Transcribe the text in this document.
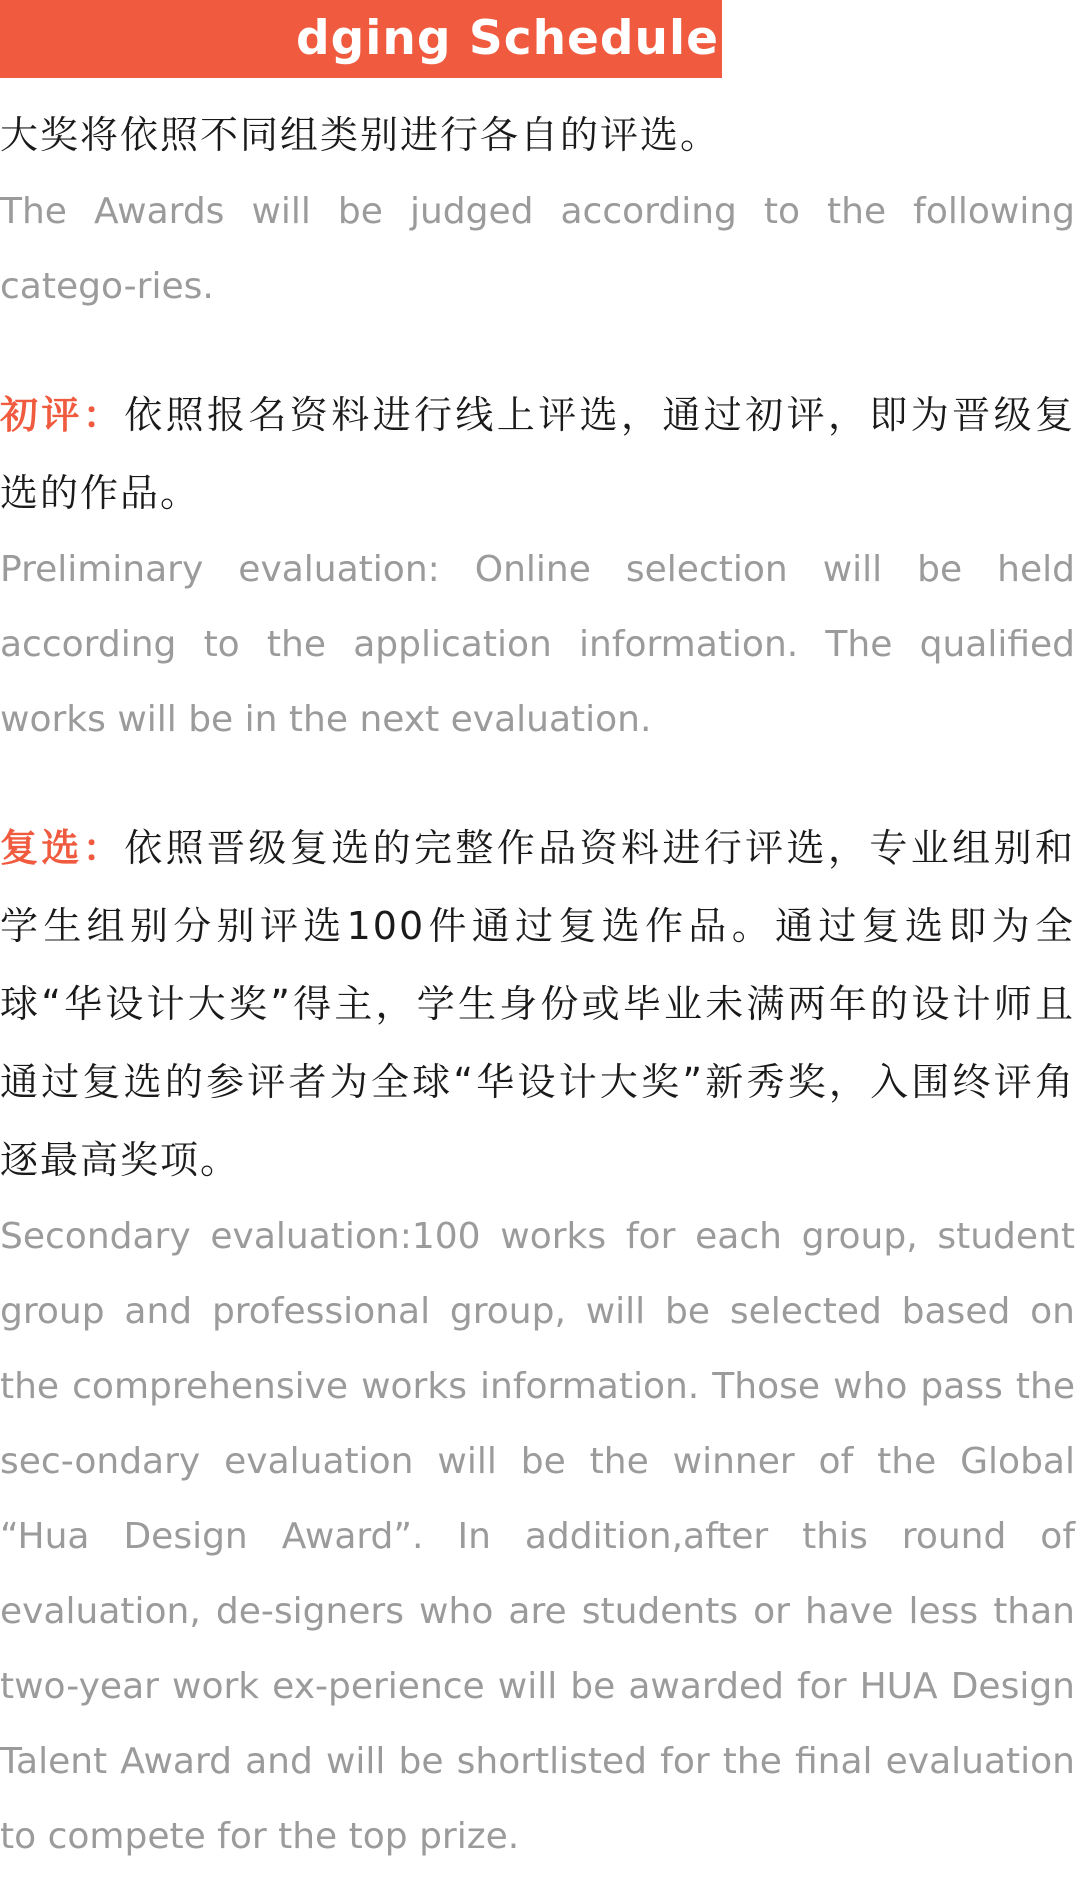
dging Schedule

大奖将依照不同组类别进行各自的评选。

The Awards will be judged according to the following catego-ries.

初评：依照报名资料进行线上评选，通过初评，即为晋级复选的作品。

Preliminary evaluation: Online selection will be held according to the application information. The qualified works will be in the next evaluation.

复选：依照晋级复选的完整作品资料进行评选，专业组别和学生组别分别评选100件通过复选作品。通过复选即为全球“华设计大奖”得主，学生身份或毕业未满两年的设计师且通过复选的参评者为全球“华设计大奖”新秀奖，入围终评角逐最高奖项。

Secondary evaluation:100 works for each group, student group and professional group, will be selected based on the comprehensive works information. Those who pass the sec-ondary evaluation will be the winner of the Global “Hua Design Award”. In addition,after this round of evaluation, de-signers who are students or have less than two-year work ex-perience will be awarded for HUA Design Talent Award and will be shortlisted for the final evaluation to compete for the top prize.
